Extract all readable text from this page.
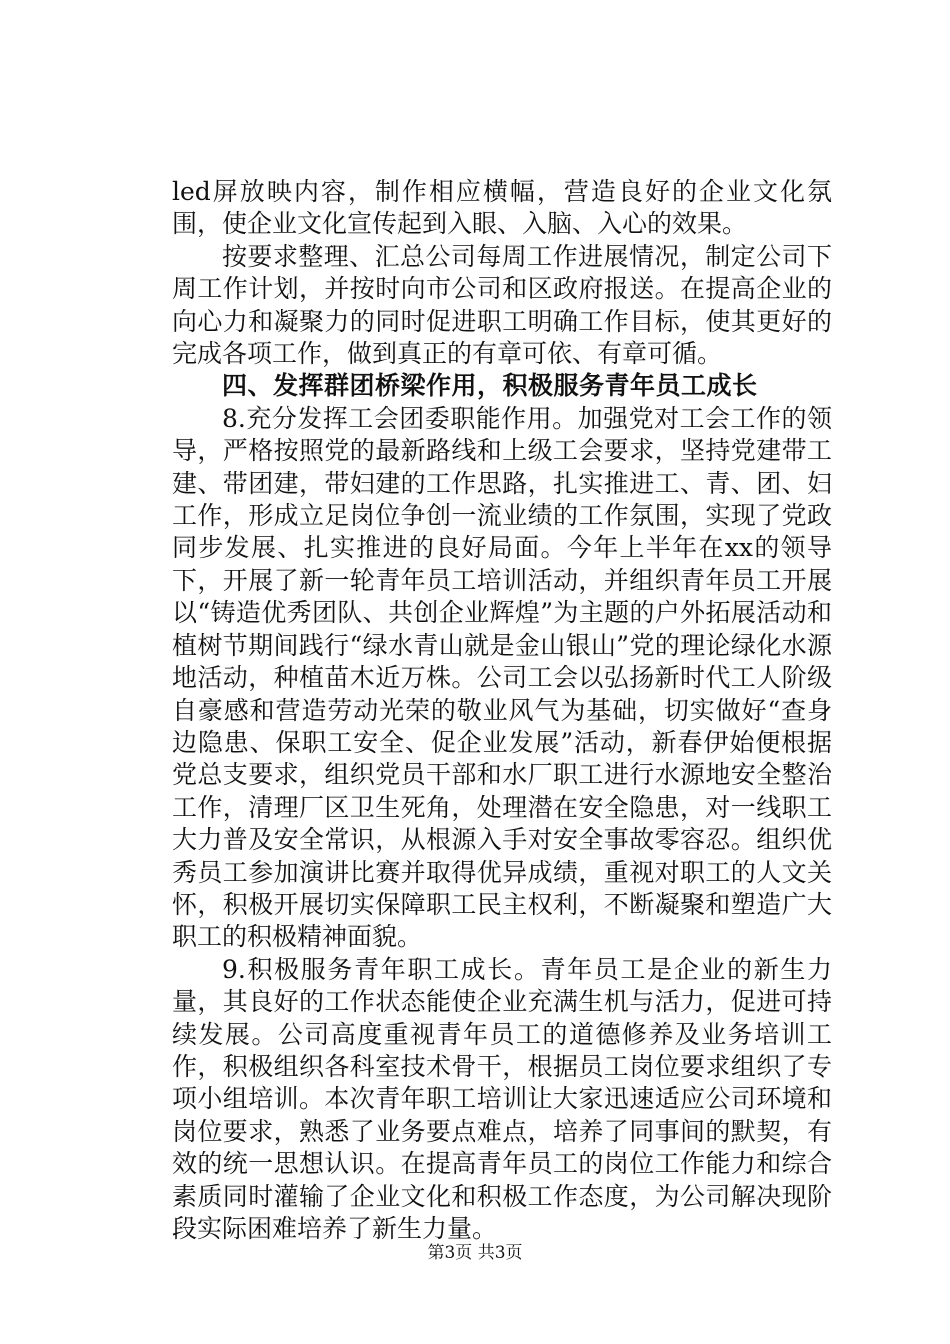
led屏放映内容，制作相应横幅，营造良好的企业文化氛围，使企业文化宣传起到入眼、入脑、入心的效果。

按要求整理、汇总公司每周工作进展情况，制定公司下周工作计划，并按时向市公司和区政府报送。在提高企业的向心力和凝聚力的同时促进职工明确工作目标，使其更好的完成各项工作，做到真正的有章可依、有章可循。

四、发挥群团桥梁作用，积极服务青年员工成长

8.充分发挥工会团委职能作用。加强党对工会工作的领导，严格按照党的最新路线和上级工会要求，坚持党建带工建、带团建，带妇建的工作思路，扎实推进工、青、团、妇工作，形成立足岗位争创一流业绩的工作氛围，实现了党政同步发展、扎实推进的良好局面。今年上半年在xx的领导下，开展了新一轮青年员工培训活动，并组织青年员工开展以“铸造优秀团队、共创企业辉煌”为主题的户外拓展活动和植树节期间践行“绿水青山就是金山银山”党的理论绿化水源地活动，种植苗木近万株。公司工会以弘扬新时代工人阶级自豪感和营造劳动光荣的敬业风气为基础，切实做好“查身边隐患、保职工安全、促企业发展”活动，新春伊始便根据党总支要求，组织党员干部和水厂职工进行水源地安全整治工作，清理厂区卫生死角，处理潜在安全隐患，对一线职工大力普及安全常识，从根源入手对安全事故零容忍。组织优秀员工参加演讲比赛并取得优异成绩，重视对职工的人文关怀，积极开展切实保障职工民主权利，不断凝聚和塑造广大职工的积极精神面貌。

9.积极服务青年职工成长。青年员工是企业的新生力量，其良好的工作状态能使企业充满生机与活力，促进可持续发展。公司高度重视青年员工的道德修养及业务培训工作，积极组织各科室技术骨干，根据员工岗位要求组织了专项小组培训。本次青年职工培训让大家迅速适应公司环境和岗位要求，熟悉了业务要点难点，培养了同事间的默契，有效的统一思想认识。在提高青年员工的岗位工作能力和综合素质同时灌输了企业文化和积极工作态度，为公司解决现阶段实际困难培养了新生力量。

第3页 共3页
